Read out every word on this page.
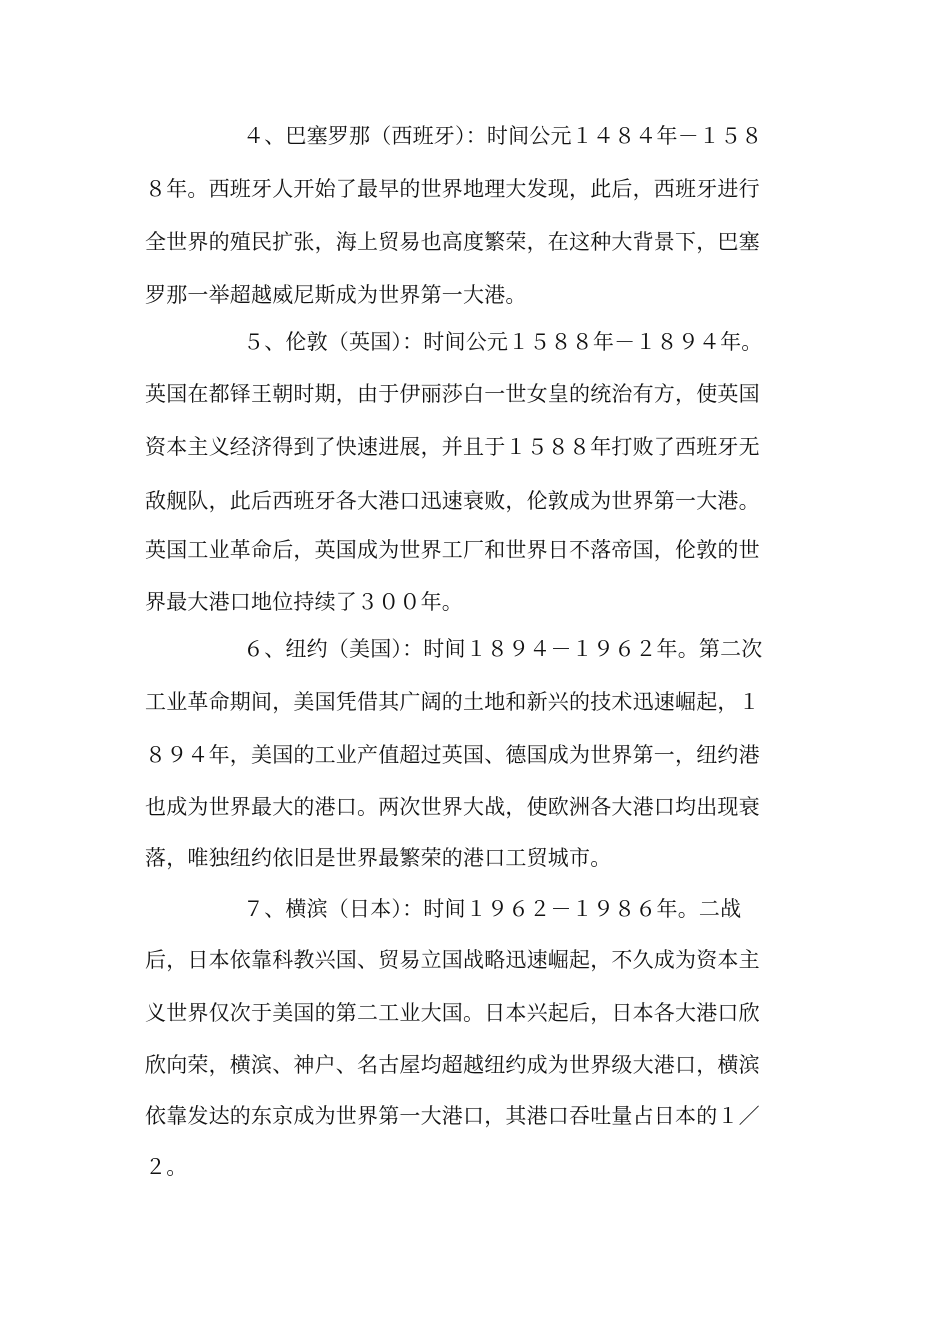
４、巴塞罗那（西班牙）：时间公元１４８４年－１５８
８年。西班牙人开始了最早的世界地理大发现，此后，西班牙进行
全世界的殖民扩张，海上贸易也高度繁荣，在这种大背景下，巴塞
罗那一举超越威尼斯成为世界第一大港。
５、伦敦（英国）：时间公元１５８８年－１８９４年。
英国在都铎王朝时期，由于伊丽莎白一世女皇的统治有方，使英国
资本主义经济得到了快速进展，并且于１５８８年打败了西班牙无
敌舰队，此后西班牙各大港口迅速衰败，伦敦成为世界第一大港。
英国工业革命后，英国成为世界工厂和世界日不落帝国，伦敦的世
界最大港口地位持续了３００年。
６、纽约（美国）：时间１８９４－１９６２年。第二次
工业革命期间，美国凭借其广阔的土地和新兴的技术迅速崛起，１
８９４年，美国的工业产值超过英国、德国成为世界第一，纽约港
也成为世界最大的港口。两次世界大战，使欧洲各大港口均出现衰
落，唯独纽约依旧是世界最繁荣的港口工贸城市。
７、横滨（日本）：时间１９６２－１９８６年。二战
后，日本依靠科教兴国、贸易立国战略迅速崛起，不久成为资本主
义世界仅次于美国的第二工业大国。日本兴起后，日本各大港口欣
欣向荣，横滨、神户、名古屋均超越纽约成为世界级大港口，横滨
依靠发达的东京成为世界第一大港口，其港口吞吐量占日本的１／
２。
